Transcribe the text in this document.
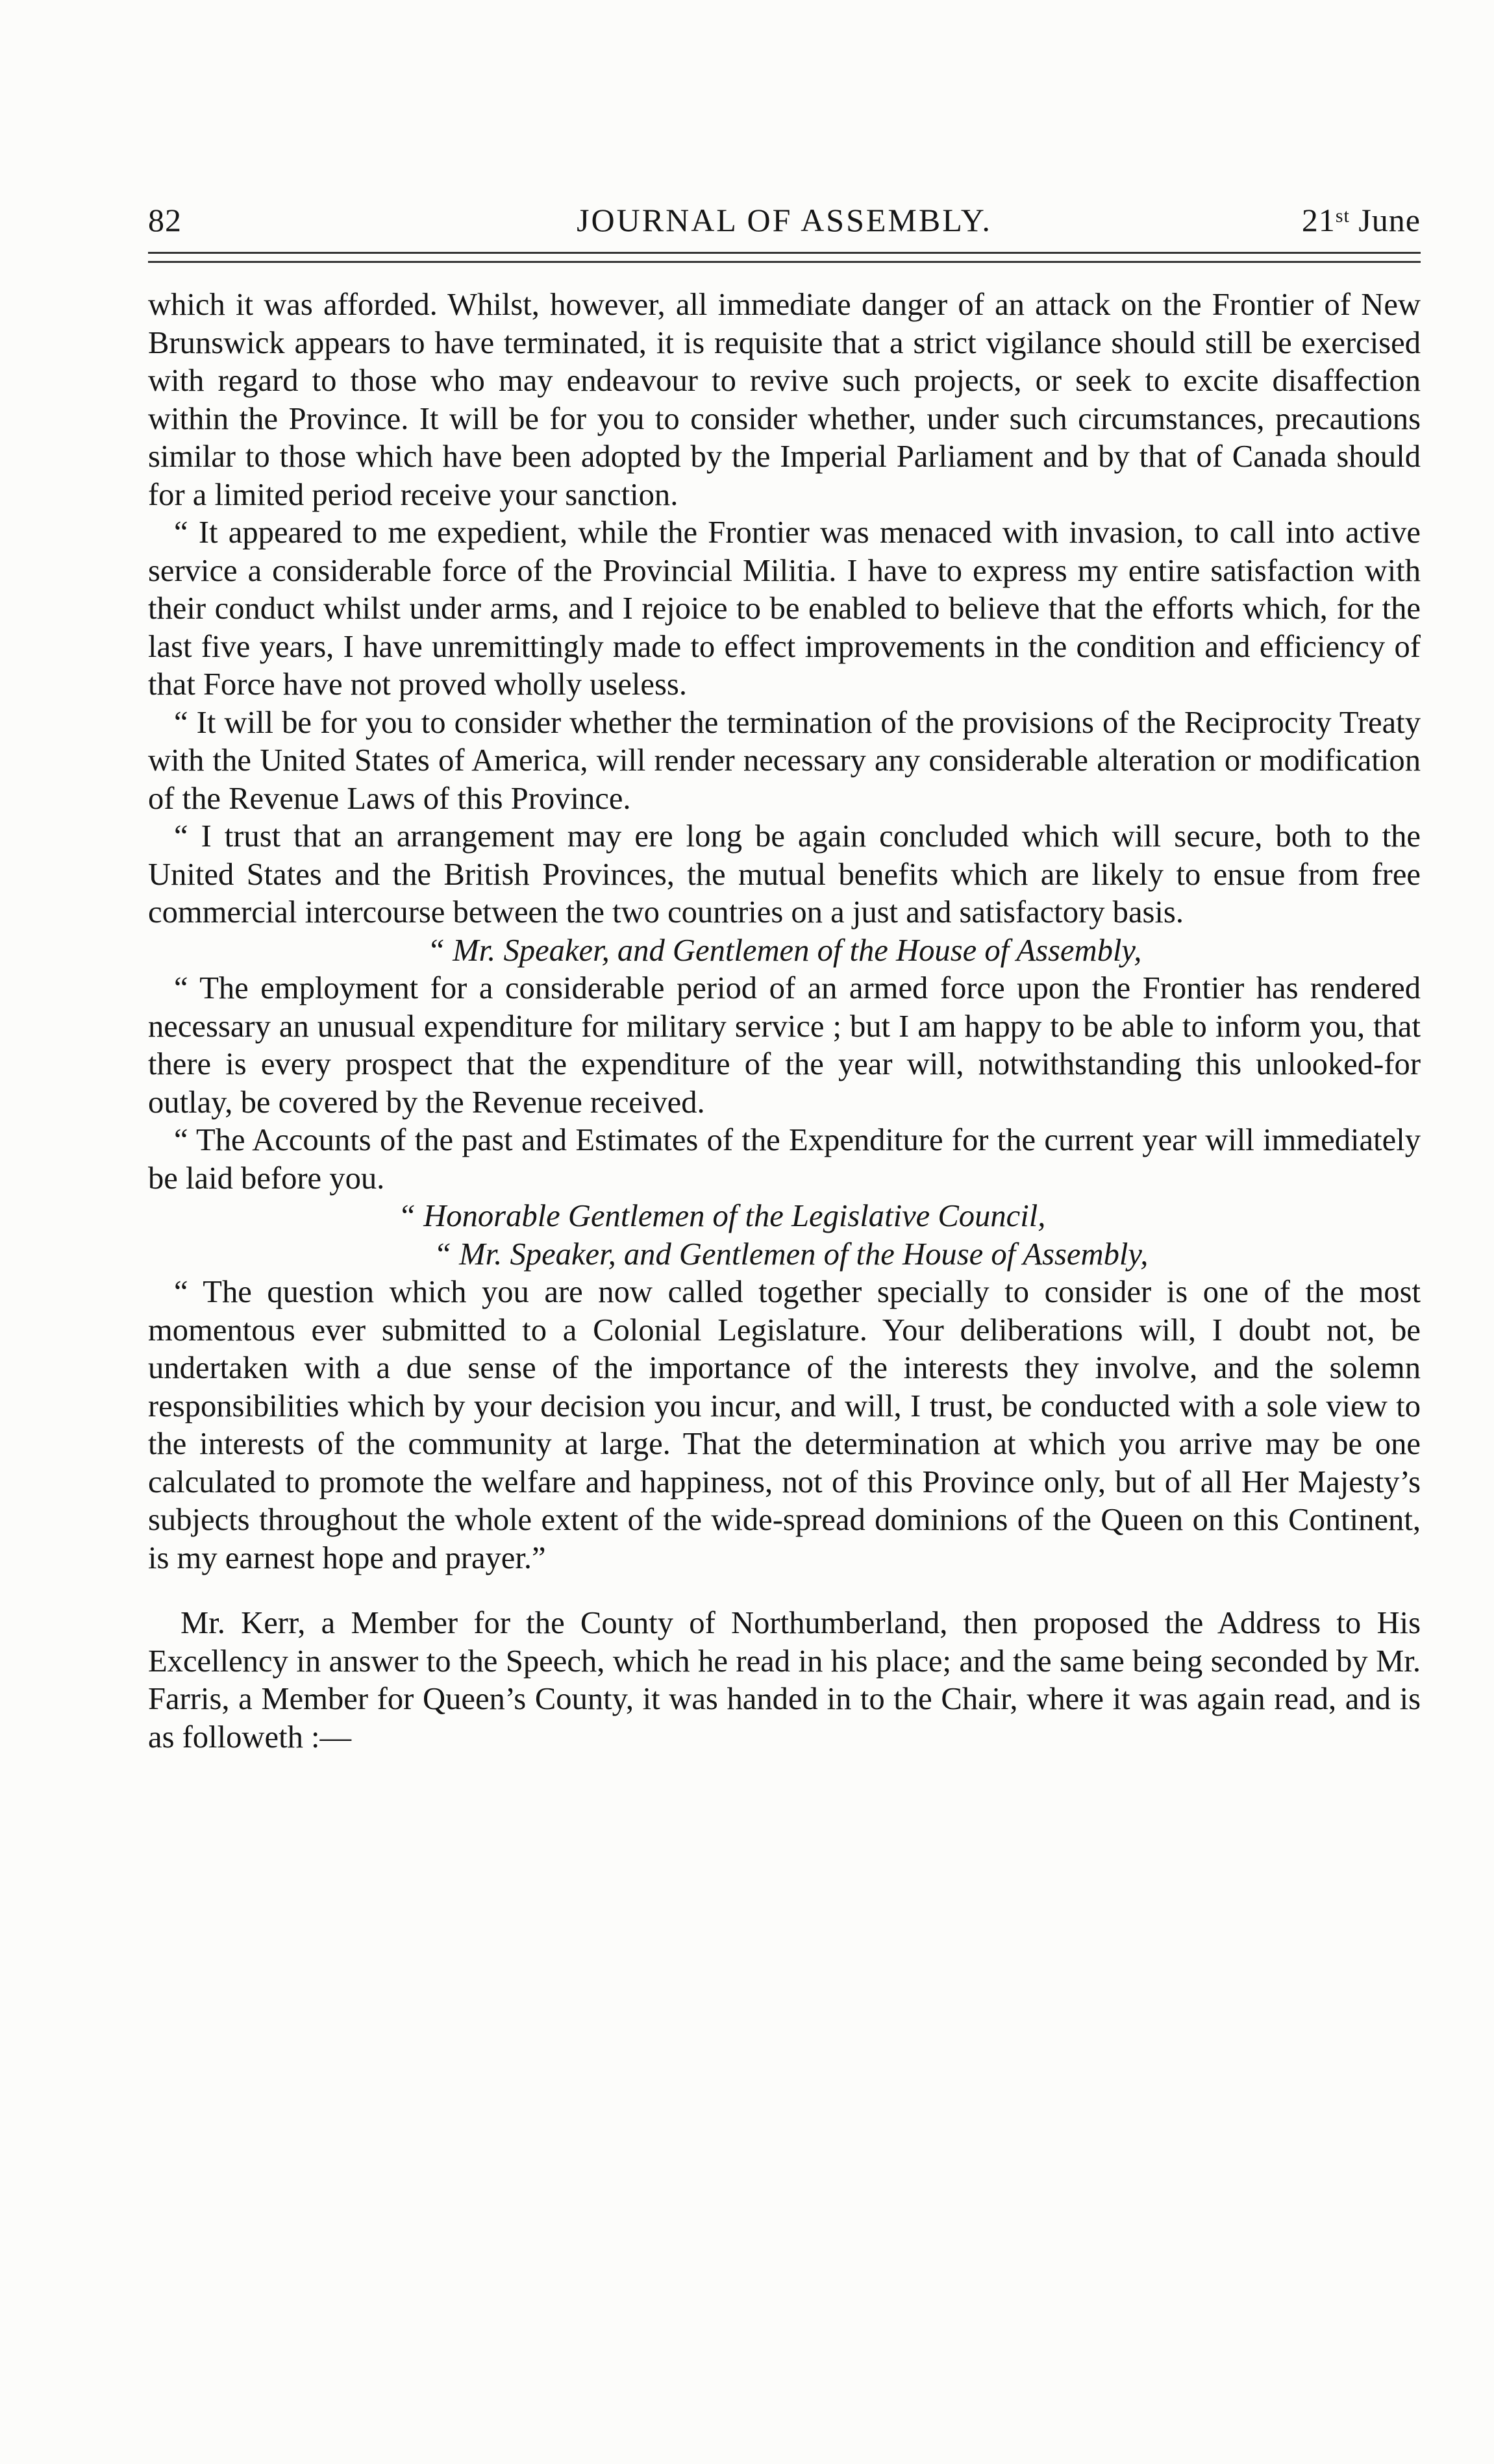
82	JOURNAL OF ASSEMBLY.	21st June

which it was afforded. Whilst, however, all immediate danger of an attack on the Frontier of New Brunswick appears to have terminated, it is requisite that a strict vigilance should still be exercised with regard to those who may endeavour to revive such projects, or seek to excite disaffection within the Province. It will be for you to consider whether, under such circumstances, precautions similar to those which have been adopted by the Imperial Parliament and by that of Canada should for a limited period receive your sanction.

“ It appeared to me expedient, while the Frontier was menaced with invasion, to call into active service a considerable force of the Provincial Militia. I have to express my entire satisfaction with their conduct whilst under arms, and I rejoice to be enabled to believe that the efforts which, for the last five years, I have unremittingly made to effect improvements in the condition and efficiency of that Force have not proved wholly useless.

“ It will be for you to consider whether the termination of the provisions of the Reciprocity Treaty with the United States of America, will render necessary any considerable alteration or modification of the Revenue Laws of this Province.

“ I trust that an arrangement may ere long be again concluded which will secure, both to the United States and the British Provinces, the mutual benefits which are likely to ensue from free commercial intercourse between the two countries on a just and satisfactory basis.

“ Mr. Speaker, and Gentlemen of the House of Assembly,

“ The employment for a considerable period of an armed force upon the Frontier has rendered necessary an unusual expenditure for military service ; but I am happy to be able to inform you, that there is every prospect that the expenditure of the year will, notwithstanding this unlooked-for outlay, be covered by the Revenue received.

“ The Accounts of the past and Estimates of the Expenditure for the current year will immediately be laid before you.

“ Honorable Gentlemen of the Legislative Council,

“ Mr. Speaker, and Gentlemen of the House of Assembly,

“ The question which you are now called together specially to consider is one of the most momentous ever submitted to a Colonial Legislature. Your deliberations will, I doubt not, be undertaken with a due sense of the importance of the interests they involve, and the solemn responsibilities which by your decision you incur, and will, I trust, be conducted with a sole view to the interests of the community at large. That the determination at which you arrive may be one calculated to promote the welfare and happiness, not of this Province only, but of all Her Majesty’s subjects throughout the whole extent of the wide-spread dominions of the Queen on this Continent, is my earnest hope and prayer.”

Mr. Kerr, a Member for the County of Northumberland, then proposed the Address to His Excellency in answer to the Speech, which he read in his place; and the same being seconded by Mr. Farris, a Member for Queen’s County, it was handed in to the Chair, where it was again read, and is as followeth :—
